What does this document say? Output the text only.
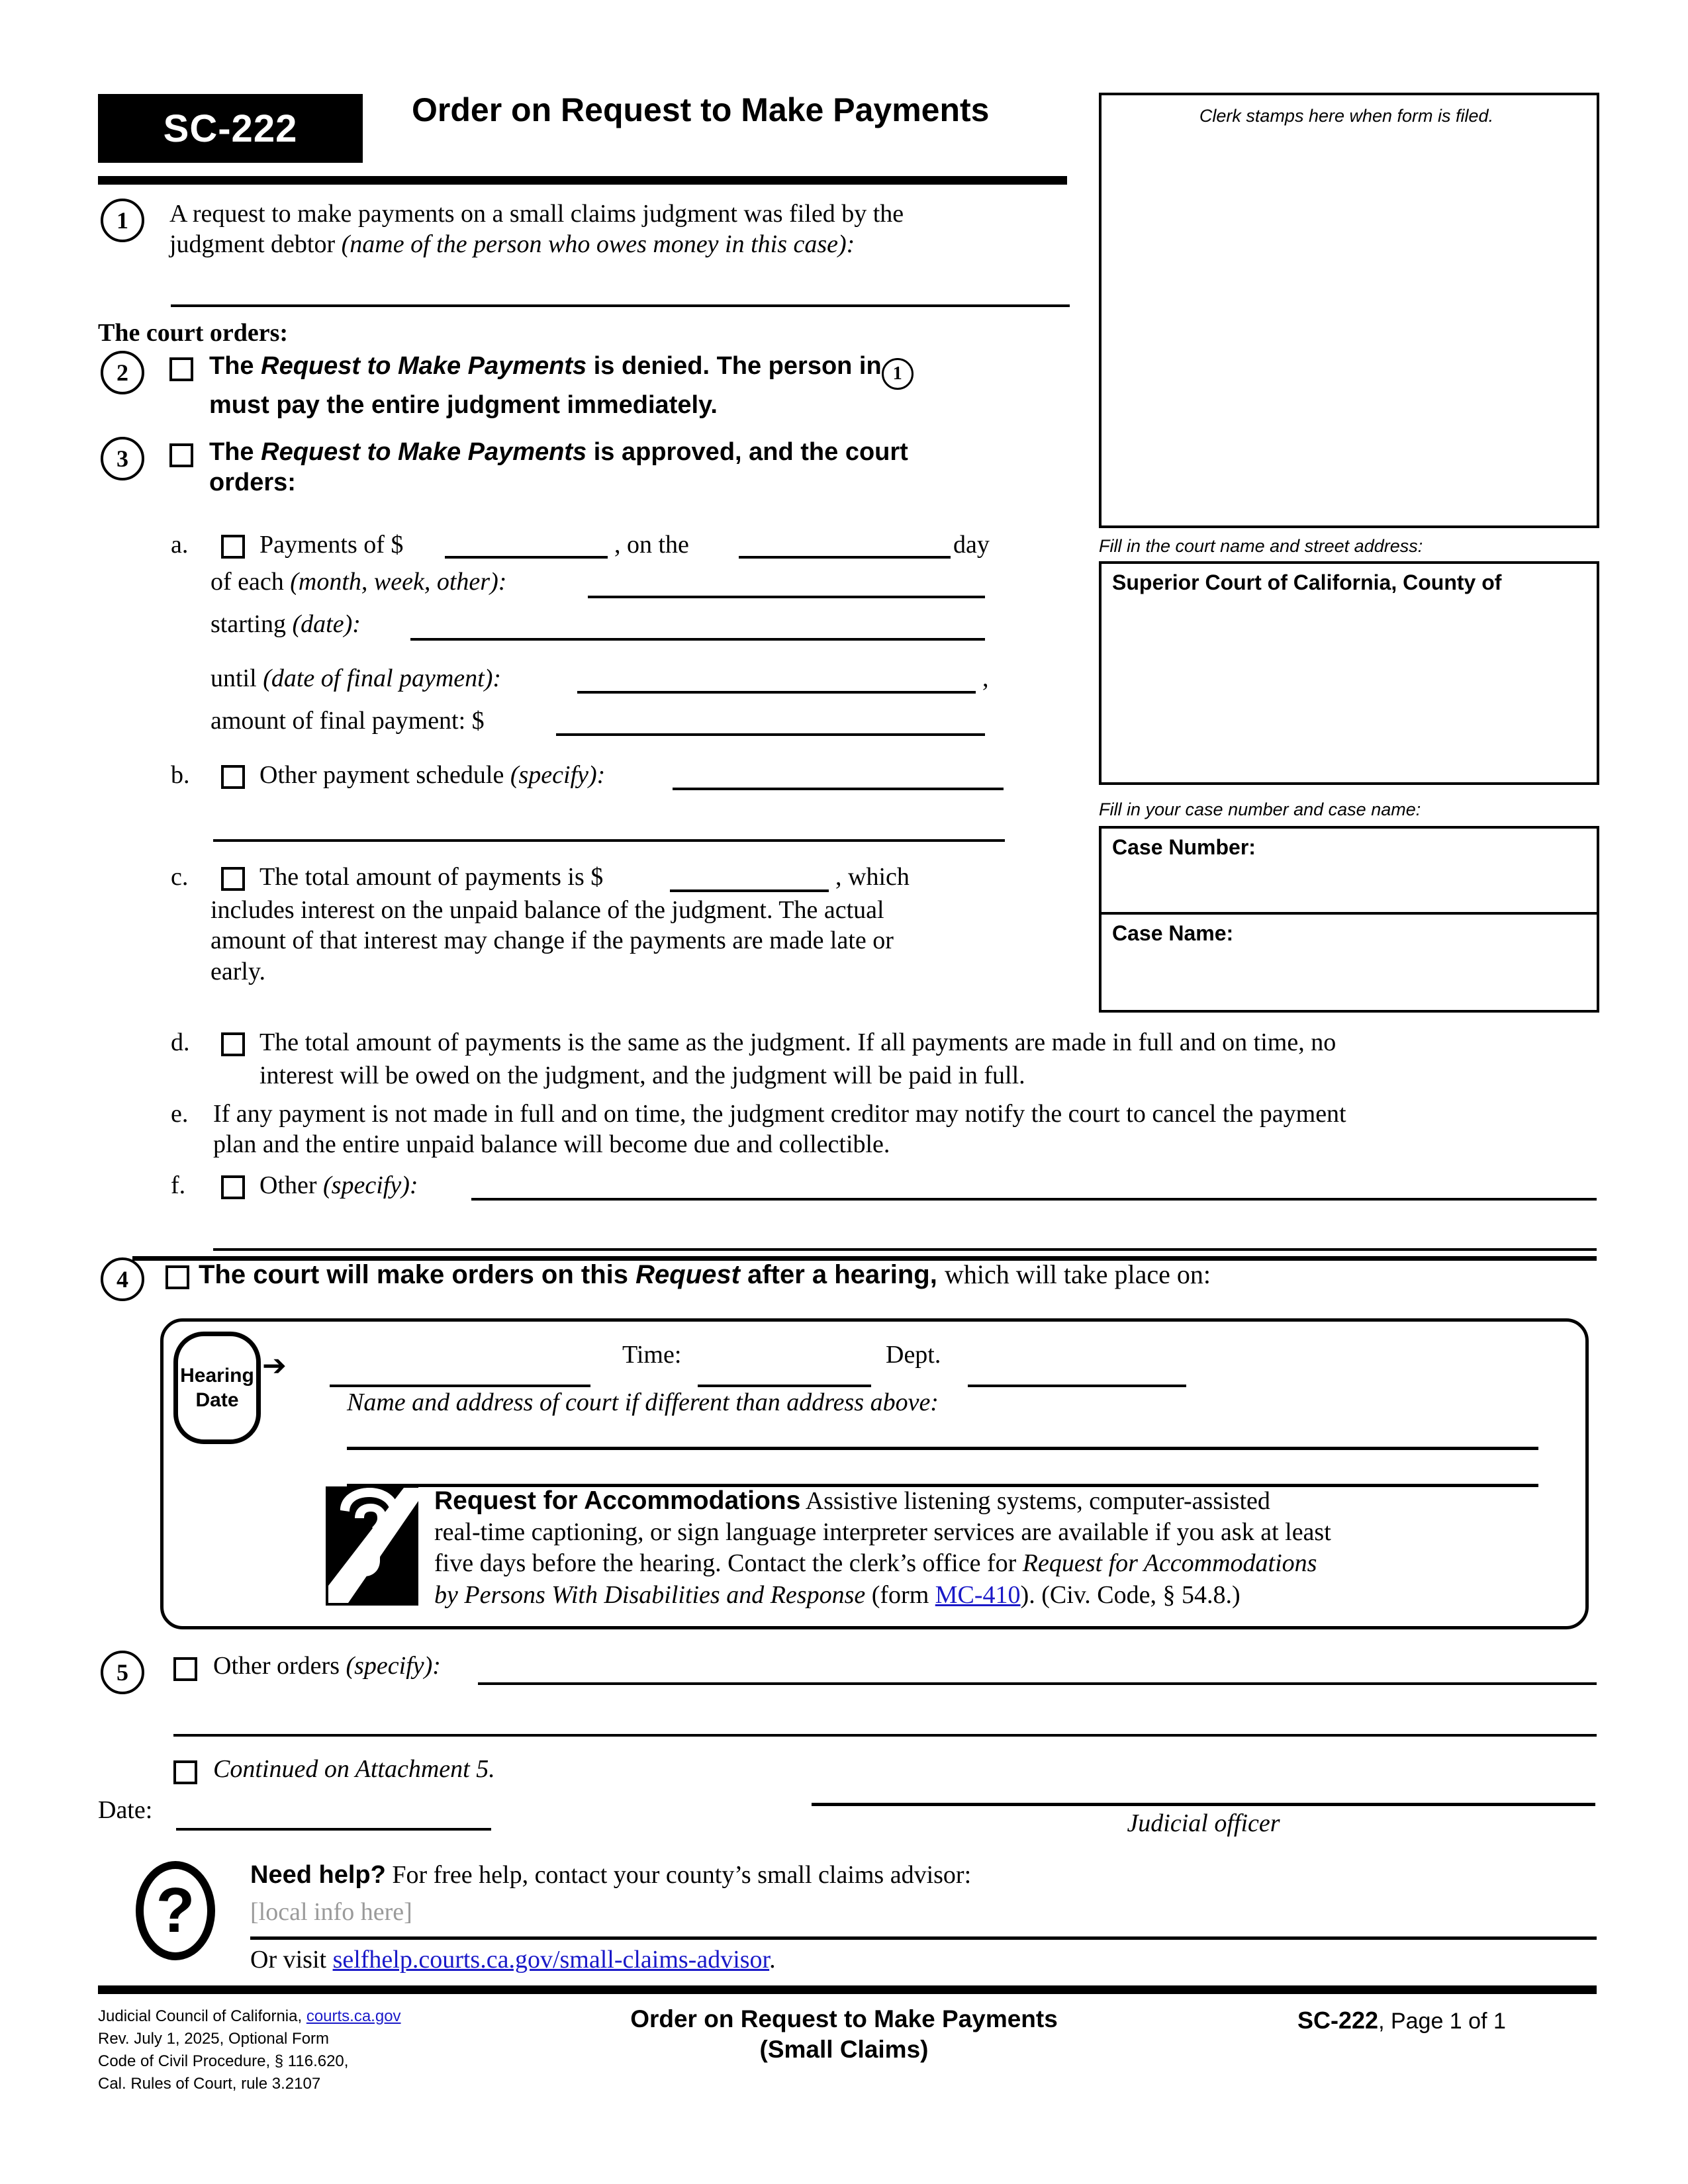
SC-222	Order on Request to Make Payments	Clerk stamps here when form is filed.
Fill in the court name and street address:
Superior Court of California, County of
Fill in your case number and case name:
Case Number:
Case Name:
1	A request to make payments on a small claims judgment was filed by the
judgment debtor (name of the person who owes money in this case):
The court orders:
2	The Request to Make Payments is denied. The person in 1
must pay the entire judgment immediately.
3	The Request to Make Payments is approved, and the court
orders:
a.	Payments of $	, on the	day
of each (month, week, other):
starting (date):
until (date of final payment):	,
amount of final payment: $
b.	Other payment schedule (specify):
c.	The total amount of payments is $	, which
includes interest on the unpaid balance of the judgment. The actual
amount of that interest may change if the payments are made late or
early.
d.	The total amount of payments is the same as the judgment. If all payments are made in full and on time, no
interest will be owed on the judgment, and the judgment will be paid in full.
e. If any payment is not made in full and on time, the judgment creditor may notify the court to cancel the payment
plan and the entire unpaid balance will become due and collectible.
f.	Other (specify):
4	The court will make orders on this Request after a hearing, which will take place on:
Hearing
Date
➔	Time:	Dept.
Name and address of court if different than address above:
Request for Accommodations Assistive listening systems, computer-assisted
real-time captioning, or sign language interpreter services are available if you ask at least
five days before the hearing. Contact the clerk’s office for Request for Accommodations
by Persons With Disabilities and Response (form MC-410). (Civ. Code, § 54.8.)
5	Other orders (specify):
Continued on Attachment 5.
Date:	Judicial officer
?	Need help? For free help, contact your county’s small claims advisor:
[local info here]
Or visit selfhelp.courts.ca.gov/small-claims-advisor.
Judicial Council of California, courts.ca.gov
Rev. July 1, 2025, Optional Form
Code of Civil Procedure, § 116.620,
Cal. Rules of Court, rule 3.2107
Order on Request to Make Payments
(Small Claims)
SC-222, Page 1 of 1
